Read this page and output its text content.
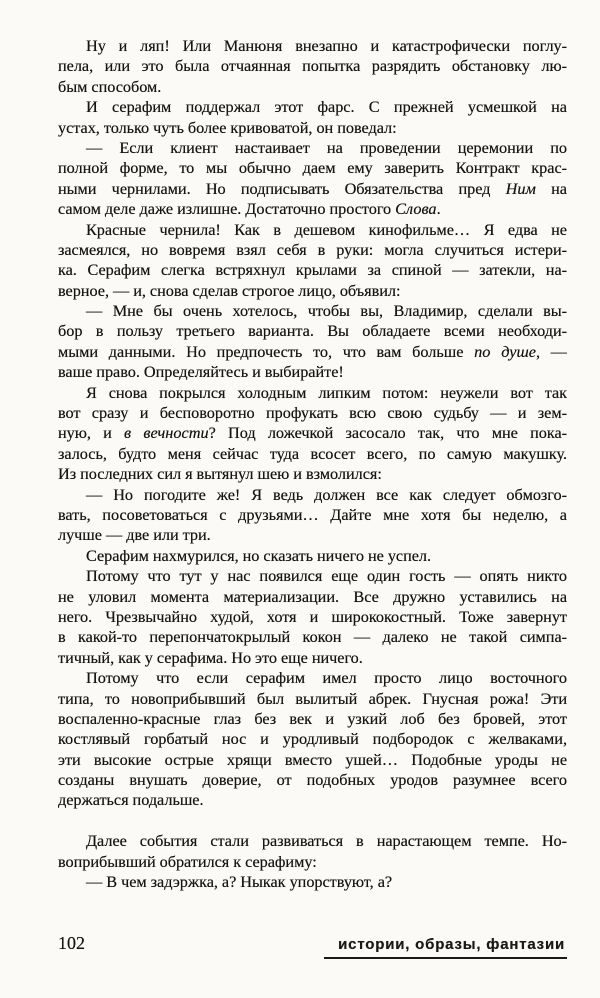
Ну и ляп! Или Манюня внезапно и катастрофически поглу-
пела, или это была отчаянная попытка разрядить обстановку лю-
бым способом.
И серафим поддержал этот фарс. С прежней усмешкой на
устах, только чуть более кривоватой, он поведал:
— Если клиент настаивает на проведении церемонии по
полной форме, то мы обычно даем ему заверить Контракт крас-
ными чернилами. Но подписывать Обязательства пред Ним на
самом деле даже излишне. Достаточно простого Слова.
Красные чернила! Как в дешевом кинофильме… Я едва не
засмеялся, но вовремя взял себя в руки: могла случиться истери-
ка. Серафим слегка встряхнул крылами за спиной — затекли, на-
верное, — и, снова сделав строгое лицо, объявил:
— Мне бы очень хотелось, чтобы вы, Владимир, сделали вы-
бор в пользу третьего варианта. Вы обладаете всеми необходи-
мыми данными. Но предпочесть то, что вам больше по душе, —
ваше право. Определяйтесь и выбирайте!
Я снова покрылся холодным липким потом: неужели вот так
вот сразу и бесповоротно профукать всю свою судьбу — и зем-
ную, и в вечности? Под ложечкой засосало так, что мне пока-
залось, будто меня сейчас туда всосет всего, по самую макушку.
Из последних сил я вытянул шею и взмолился:
— Но погодите же! Я ведь должен все как следует обмозго-
вать, посоветоваться с друзьями… Дайте мне хотя бы неделю, а
лучше — две или три.
Серафим нахмурился, но сказать ничего не успел.
Потому что тут у нас появился еще один гость — опять никто
не уловил момента материализации. Все дружно уставились на
него. Чрезвычайно худой, хотя и ширококостный. Тоже завернут
в какой-то перепончатокрылый кокон — далеко не такой симпа-
тичный, как у серафима. Но это еще ничего.
Потому что если серафим имел просто лицо восточного
типа, то новоприбывший был вылитый абрек. Гнусная рожа! Эти
воспаленно-красные глаз без век и узкий лоб без бровей, этот
костлявый горбатый нос и уродливый подбородок с желваками,
эти высокие острые хрящи вместо ушей… Подобные уроды не
созданы внушать доверие, от подобных уродов разумнее всего
держаться подальше.
Далее события стали развиваться в нарастающем темпе. Но-
воприбывший обратился к серафиму:
— В чем задэржка, а? Ныкак упорствуют, а?
102	истории, образы, фантазии
